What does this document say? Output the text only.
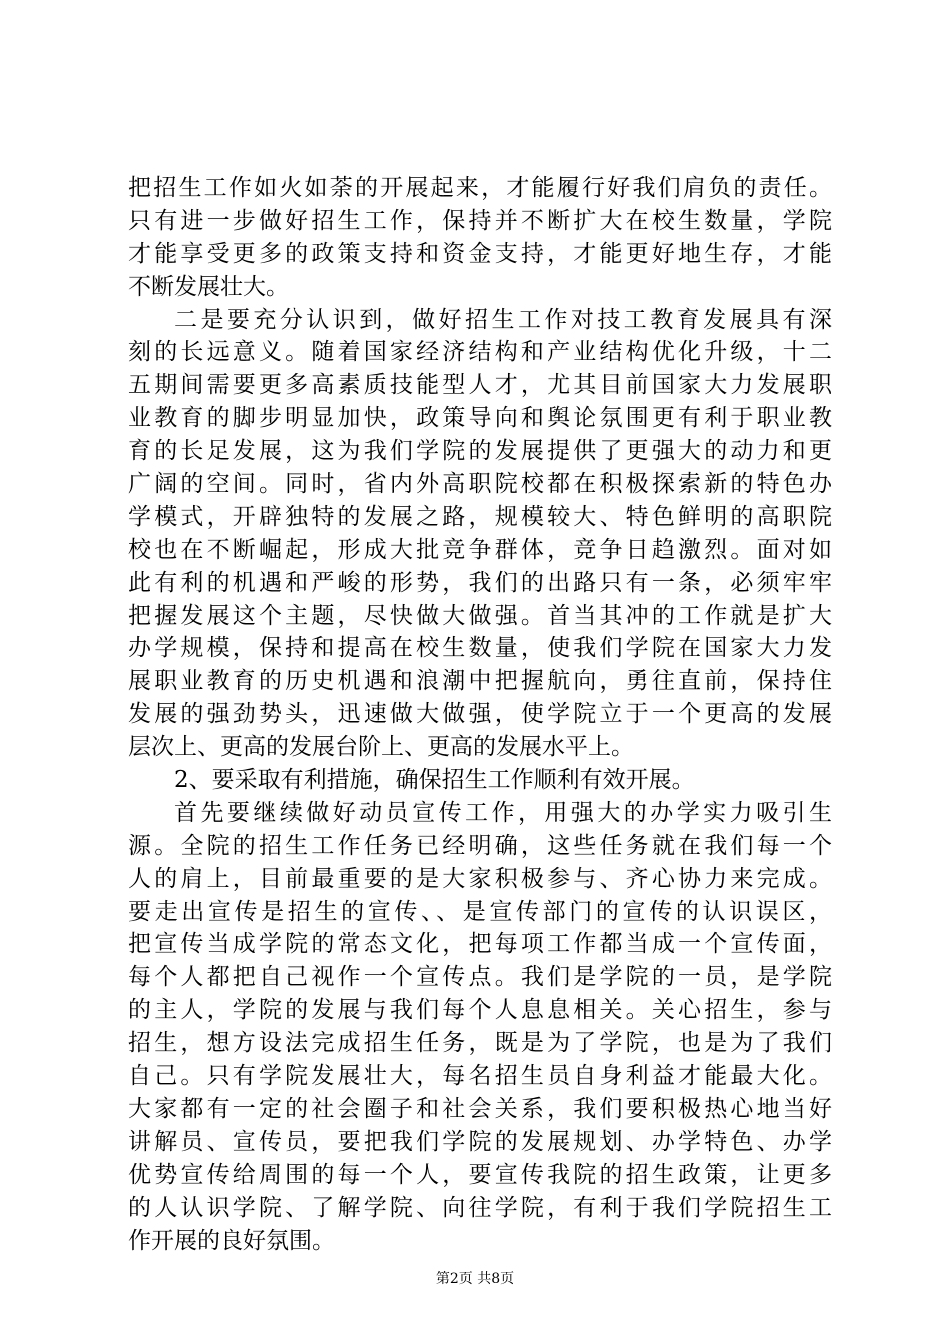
把招生工作如火如荼的开展起来，才能履行好我们肩负的责任。
只有进一步做好招生工作，保持并不断扩大在校生数量，学院
才能享受更多的政策支持和资金支持，才能更好地生存，才能
不断发展壮大。
二是要充分认识到，做好招生工作对技工教育发展具有深
刻的长远意义。随着国家经济结构和产业结构优化升级，十二
五期间需要更多高素质技能型人才，尤其目前国家大力发展职
业教育的脚步明显加快，政策导向和舆论氛围更有利于职业教
育的长足发展，这为我们学院的发展提供了更强大的动力和更
广阔的空间。同时，省内外高职院校都在积极探索新的特色办
学模式，开辟独特的发展之路，规模较大、特色鲜明的高职院
校也在不断崛起，形成大批竞争群体，竞争日趋激烈。面对如
此有利的机遇和严峻的形势，我们的出路只有一条，必须牢牢
把握发展这个主题，尽快做大做强。首当其冲的工作就是扩大
办学规模，保持和提高在校生数量，使我们学院在国家大力发
展职业教育的历史机遇和浪潮中把握航向，勇往直前，保持住
发展的强劲势头，迅速做大做强，使学院立于一个更高的发展
层次上、更高的发展台阶上、更高的发展水平上。
2、要采取有利措施，确保招生工作顺利有效开展。
首先要继续做好动员宣传工作，用强大的办学实力吸引生
源。全院的招生工作任务已经明确，这些任务就在我们每一个
人的肩上，目前最重要的是大家积极参与、齐心协力来完成。
要走出宣传是招生的宣传、、是宣传部门的宣传的认识误区，
把宣传当成学院的常态文化，把每项工作都当成一个宣传面，
每个人都把自己视作一个宣传点。我们是学院的一员，是学院
的主人，学院的发展与我们每个人息息相关。关心招生，参与
招生，想方设法完成招生任务，既是为了学院，也是为了我们
自己。只有学院发展壮大，每名招生员自身利益才能最大化。
大家都有一定的社会圈子和社会关系，我们要积极热心地当好
讲解员、宣传员，要把我们学院的发展规划、办学特色、办学
优势宣传给周围的每一个人，要宣传我院的招生政策，让更多
的人认识学院、了解学院、向往学院，有利于我们学院招生工
作开展的良好氛围。
第2页 共8页
